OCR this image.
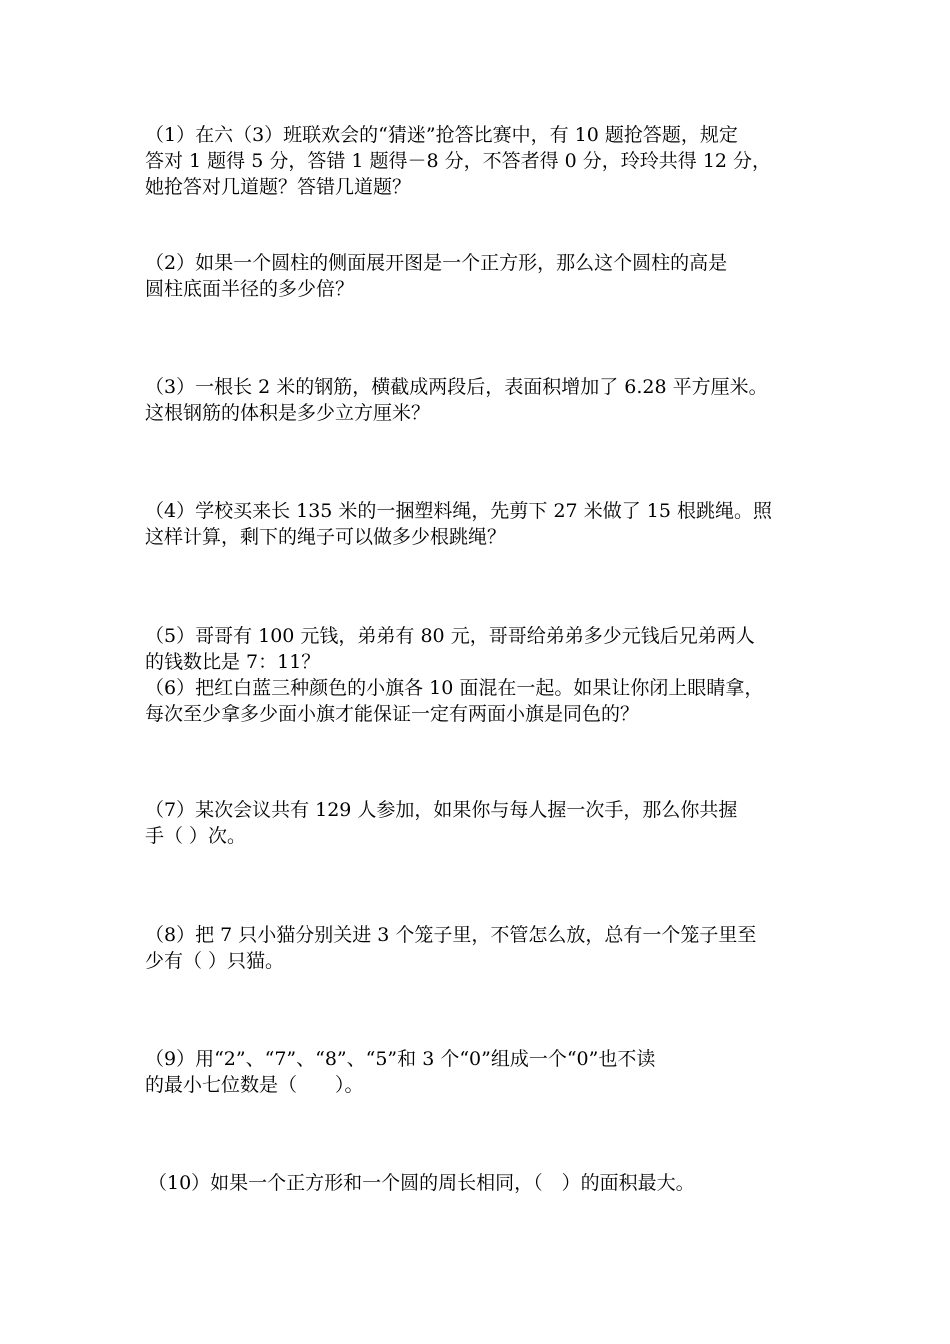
（1）在六（3）班联欢会的“猜迷”抢答比赛中，有 10 题抢答题，规定
答对 1 题得 5 分，答错 1 题得－8 分，不答者得 0 分，玲玲共得 12 分，
她抢答对几道题？答错几道题？

（2）如果一个圆柱的侧面展开图是一个正方形，那么这个圆柱的高是
圆柱底面半径的多少倍？

（3）一根长 2 米的钢筋，横截成两段后，表面积增加了 6.28 平方厘米。
这根钢筋的体积是多少立方厘米？

（4）学校买来长 135 米的一捆塑料绳，先剪下 27 米做了 15 根跳绳。照
这样计算，剩下的绳子可以做多少根跳绳？

（5）哥哥有 100 元钱，弟弟有 80 元，哥哥给弟弟多少元钱后兄弟两人
的钱数比是 7：11？

（6）把红白蓝三种颜色的小旗各 10 面混在一起。如果让你闭上眼睛拿，
每次至少拿多少面小旗才能保证一定有两面小旗是同色的？

（7）某次会议共有 129 人参加，如果你与每人握一次手，那么你共握
手（ ）次。

（8）把 7 只小猫分别关进 3 个笼子里，不管怎么放，总有一个笼子里至
少有（ ）只猫。

（9）用“2”、“7”、“8”、“5”和 3 个“0”组成一个“0”也不读
的最小七位数是（　　）。

（10）如果一个正方形和一个圆的周长相同，（　）的面积最大。
